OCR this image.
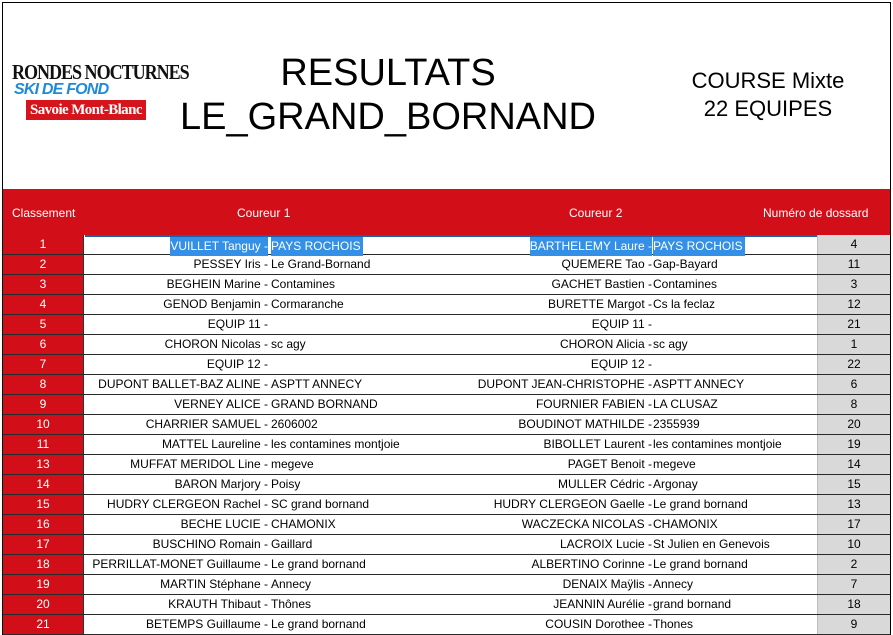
RONDES NOCTURNES
SKI DE FOND
Savoie Mont-Blanc
RESULTATS
LE_GRAND_BORNAND
COURSE Mixte
22 EQUIPES
Classement	Coureur 1	Coureur 2	Numéro de dossard
1	VUILLET Tanguy - PAYS ROCHOIS	BARTHELEMY Laure - PAYS ROCHOIS	4
2	PESSEY Iris - Le Grand-Bornand	QUEMERE Tao - Gap-Bayard	11
3	BEGHEIN Marine - Contamines	GACHET Bastien - Contamines	3
4	GENOD Benjamin - Cormaranche	BURETTE Margot - Cs la feclaz	12
5	EQUIP 11 -	EQUIP 11 -	21
6	CHORON Nicolas - sc agy	CHORON Alicia - sc agy	1
7	EQUIP 12 -	EQUIP 12 -	22
8	DUPONT BALLET-BAZ ALINE - ASPTT ANNECY	DUPONT JEAN-CHRISTOPHE - ASPTT ANNECY	6
9	VERNEY ALICE - GRAND BORNAND	FOURNIER FABIEN - LA CLUSAZ	8
10	CHARRIER SAMUEL - 2606002	BOUDINOT MATHILDE - 2355939	20
11	MATTEL Laureline - les contamines montjoie	BIBOLLET Laurent - les contamines montjoie	19
13	MUFFAT MERIDOL Line - megeve	PAGET Benoit - megeve	14
14	BARON Marjory - Poisy	MULLER Cédric - Argonay	15
15	HUDRY CLERGEON Rachel - SC grand bornand	HUDRY CLERGEON Gaelle - Le grand bornand	13
16	BECHE LUCIE - CHAMONIX	WACZECKA NICOLAS - CHAMONIX	17
17	BUSCHINO Romain - Gaillard	LACROIX Lucie - St Julien en Genevois	10
18	PERRILLAT-MONET Guillaume - Le grand bornand	ALBERTINO Corinne - Le grand bornand	2
19	MARTIN Stéphane - Annecy	DENAIX Maÿlis - Annecy	7
20	KRAUTH Thibaut - Thônes	JEANNIN Aurélie - grand bornand	18
21	BETEMPS Guillaume - Le grand bornand	COUSIN Dorothee - Thones	9
